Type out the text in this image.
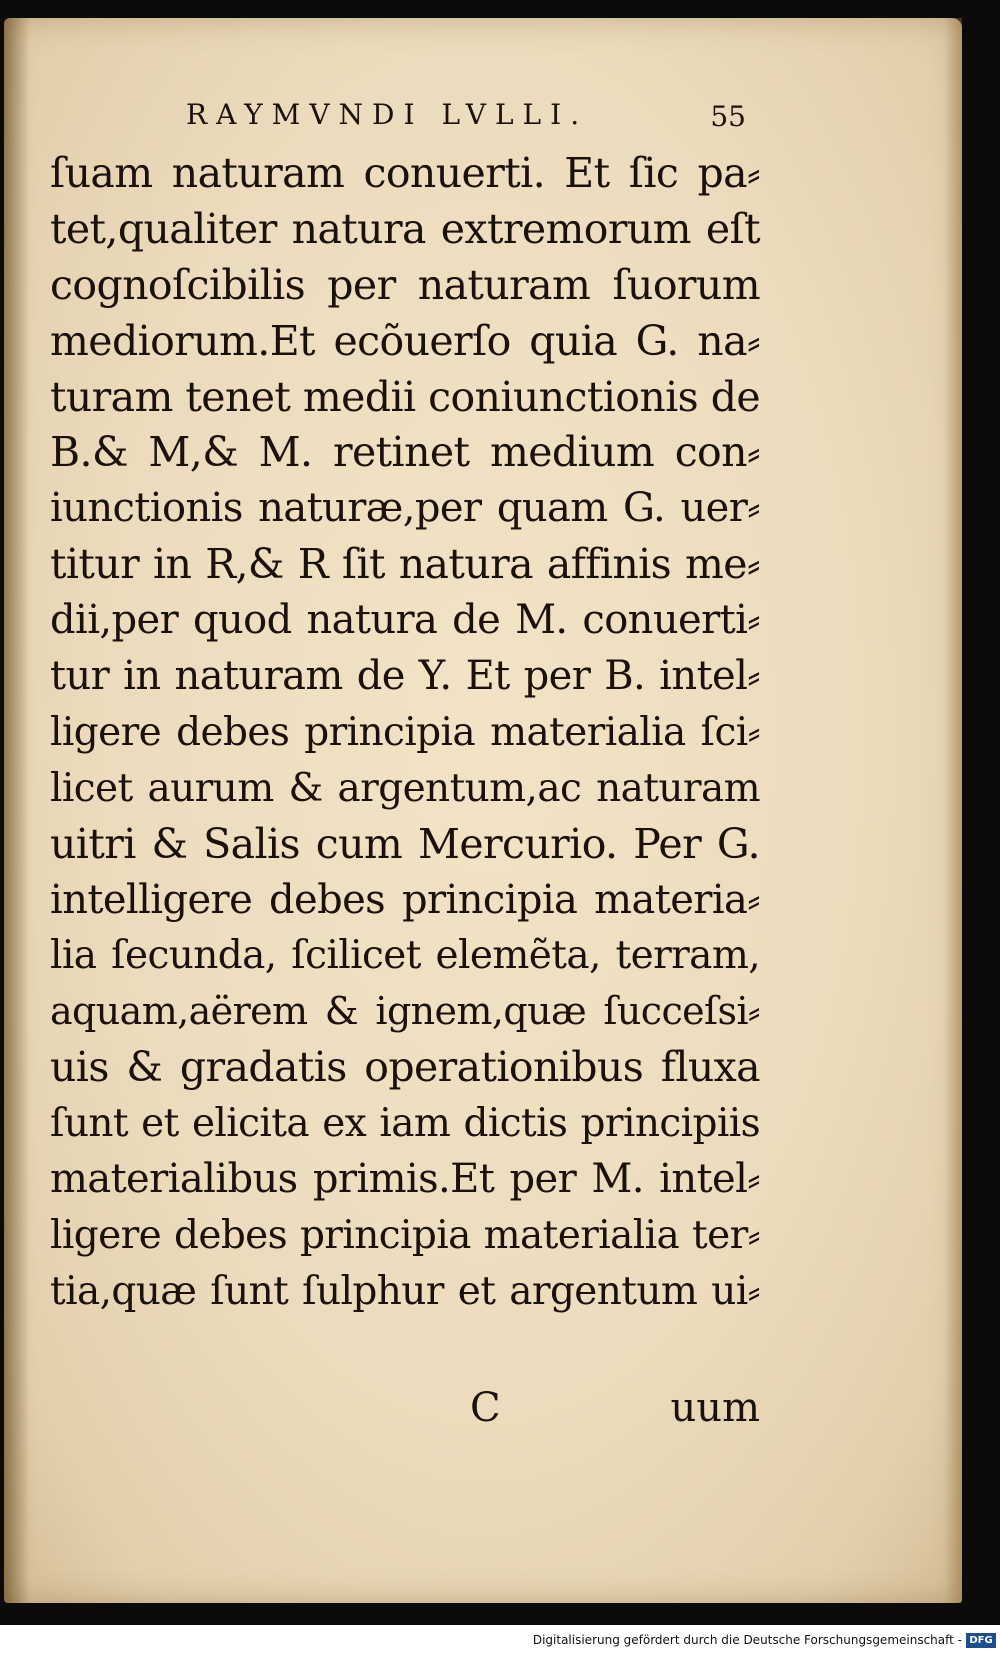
RAYMVNDI LVLLI.	55
ſuam naturam conuerti. Et ſic pa⸗
tet,qualiter natura extremorum eſt
cognoſcibilis per naturam ſuorum
mediorum.Et ecõuerſo quia G. na⸗
turam tenet medii coniunctionis de
B.& M,& M. retinet medium con⸗
iunctionis naturæ,per quam G. uer⸗
titur in R,& R ſit natura affinis me⸗
dii,per quod natura de M. conuerti⸗
tur in naturam de Y. Et per B. intel⸗
ligere debes principia materialia ſci⸗
licet aurum & argentum,ac naturam
uitri & Salis cum Mercurio. Per G.
intelligere debes principia materia⸗
lia ſecunda, ſcilicet elemẽta, terram,
aquam,aërem & ignem,quæ ſucceſsi⸗
uis & gradatis operationibus fluxa
ſunt et elicita ex iam dictis principiis
materialibus primis.Et per M. intel⸗
ligere debes principia materialia ter⸗
tia,quæ ſunt ſulphur et argentum ui⸗
C	uum
Digitalisierung gefördert durch die Deutsche Forschungsgemeinschaft - DFG
